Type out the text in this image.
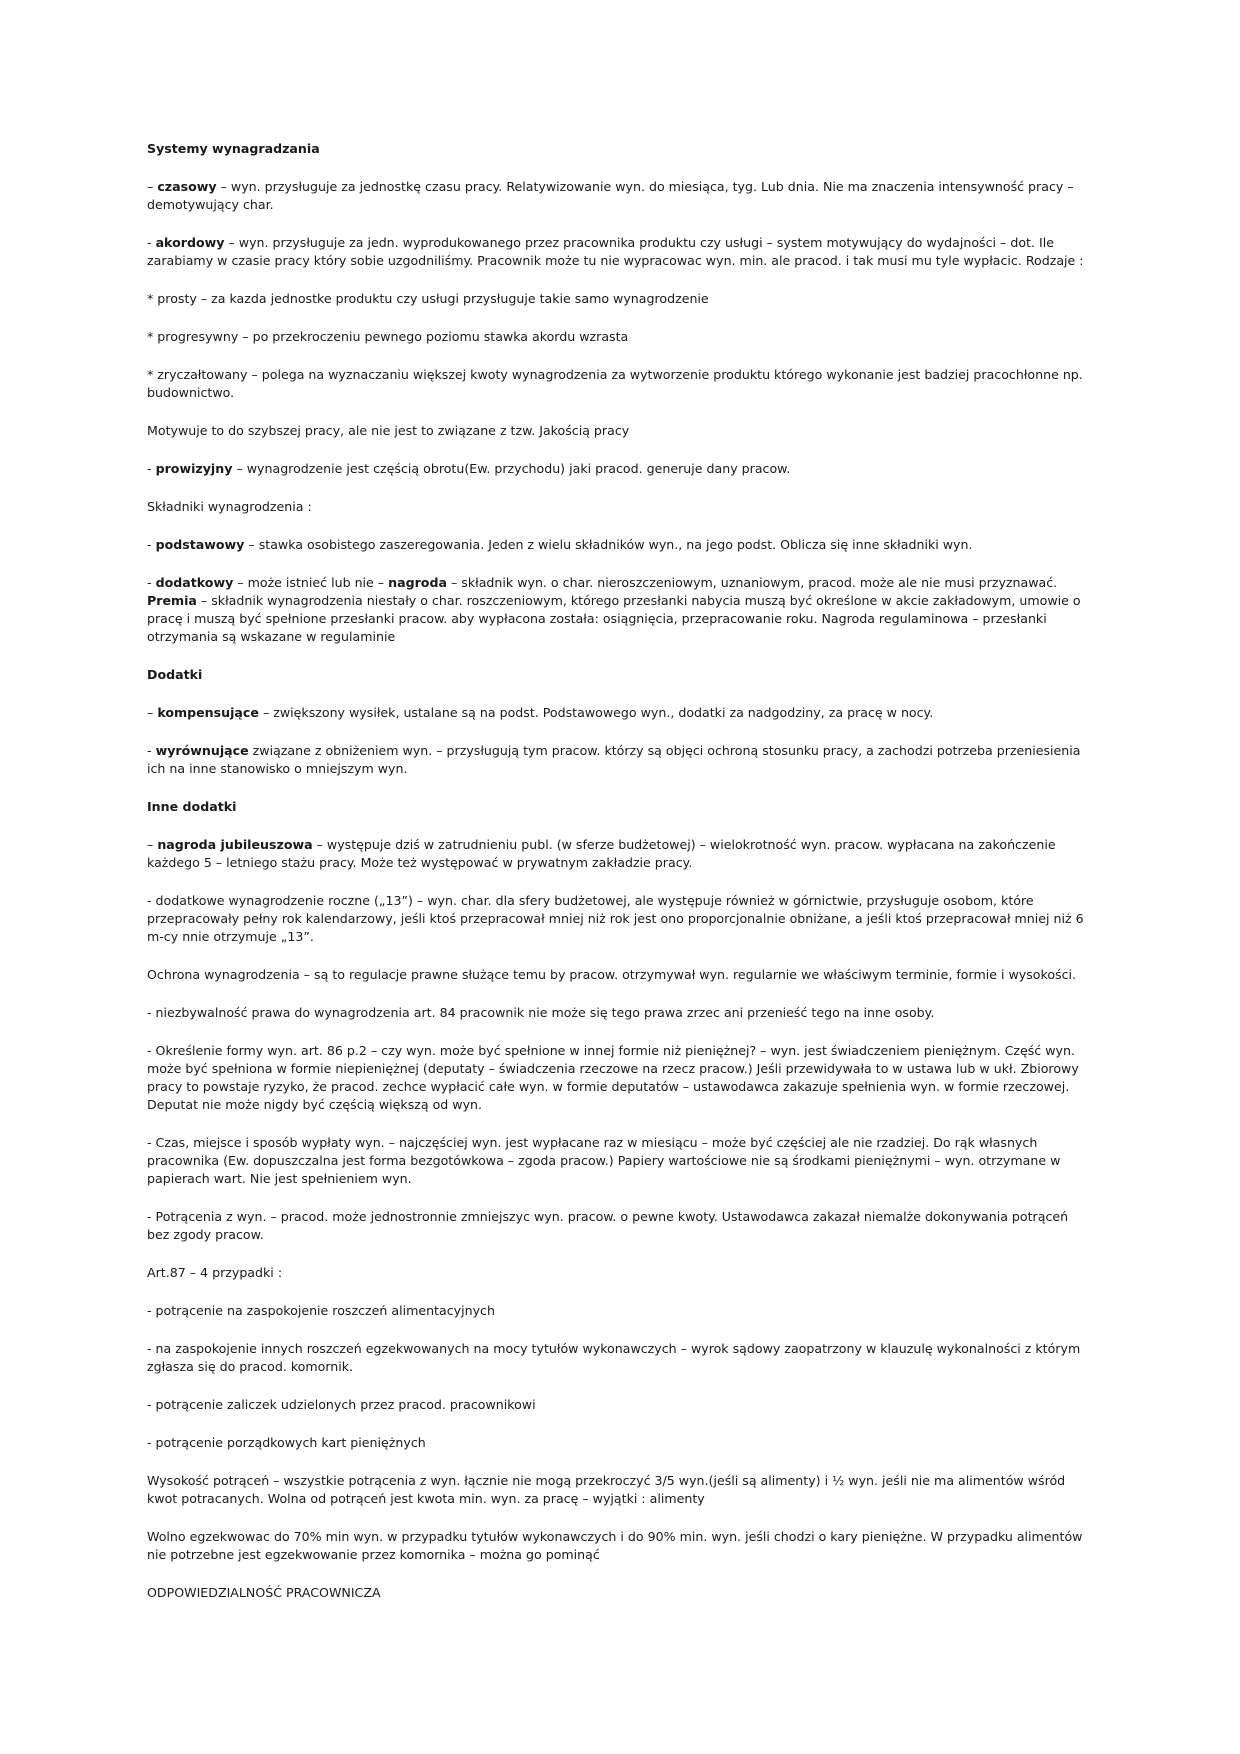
Systemy wynagradzania

– czasowy – wyn. przysługuje za jednostkę czasu pracy. Relatywizowanie wyn. do miesiąca, tyg. Lub dnia. Nie ma znaczenia intensywność pracy – demotywujący char.

- akordowy – wyn. przysługuje za jedn. wyprodukowanego przez pracownika produktu czy usługi – system motywujący do wydajności – dot. Ile zarabiamy w czasie pracy który sobie uzgodniliśmy. Pracownik może tu nie wypracowac wyn. min. ale pracod. i tak musi mu tyle wypłacic. Rodzaje :

* prosty – za kazda jednostke produktu czy usługi przysługuje takie samo wynagrodzenie

* progresywny – po przekroczeniu pewnego poziomu stawka akordu wzrasta

* zryczałtowany – polega na wyznaczaniu większej kwoty wynagrodzenia za wytworzenie produktu którego wykonanie jest badziej pracochłonne np. budownictwo.

Motywuje to do szybszej pracy, ale nie jest to związane z tzw. Jakością pracy

- prowizyjny – wynagrodzenie jest częścią obrotu(Ew. przychodu) jaki pracod. generuje dany pracow.

Składniki wynagrodzenia :

- podstawowy – stawka osobistego zaszeregowania. Jeden z wielu składników wyn., na jego podst. Oblicza się inne składniki wyn.

- dodatkowy – może istnieć lub nie – nagroda – składnik wyn. o char. nieroszczeniowym, uznaniowym, pracod. może ale nie musi przyznawać. Premia – składnik wynagrodzenia niestały o char. roszczeniowym, którego przesłanki nabycia muszą być określone w akcie zakładowym, umowie o pracę i muszą być spełnione przesłanki pracow. aby wypłacona została: osiągnięcia, przepracowanie roku. Nagroda regulaminowa – przesłanki otrzymania są wskazane w regulaminie

Dodatki

– kompensujące – zwiększony wysiłek, ustalane są na podst. Podstawowego wyn., dodatki za nadgodziny, za pracę w nocy.

- wyrównujące związane z obniżeniem wyn. – przysługują tym pracow. którzy są objęci ochroną stosunku pracy, a zachodzi potrzeba przeniesienia ich na inne stanowisko o mniejszym wyn.

Inne dodatki

– nagroda jubileuszowa – występuje dziś w zatrudnieniu publ. (w sferze budżetowej) – wielokrotność wyn. pracow. wypłacana na zakończenie każdego 5 – letniego stażu pracy. Może też występować w prywatnym zakładzie pracy.

- dodatkowe wynagrodzenie roczne („13”) – wyn. char. dla sfery budżetowej, ale występuje również w górnictwie, przysługuje osobom, które przepracowały pełny rok kalendarzowy, jeśli ktoś przepracował mniej niż rok jest ono proporcjonalnie obniżane, a jeśli ktoś przepracował mniej niż 6 m-cy nnie otrzymuje „13”.

Ochrona wynagrodzenia – są to regulacje prawne służące temu by pracow. otrzymywał wyn. regularnie we właściwym terminie, formie i wysokości.

- niezbywalność prawa do wynagrodzenia art. 84 pracownik nie może się tego prawa zrzec ani przenieść tego na inne osoby.

- Określenie formy wyn. art. 86 p.2 – czy wyn. może być spełnione w innej formie niż pieniężnej? – wyn. jest świadczeniem pieniężnym. Część wyn. może być spełniona w formie niepieniężnej (deputaty – świadczenia rzeczowe na rzecz pracow.) Jeśli przewidywała to w ustawa lub w ukł. Zbiorowy pracy to powstaje ryzyko, że pracod. zechce wypłacić całe wyn. w formie deputatów – ustawodawca zakazuje spełnienia wyn. w formie rzeczowej. Deputat nie może nigdy być częścią większą od wyn.

- Czas, miejsce i sposób wypłaty wyn. – najczęściej wyn. jest wypłacane raz w miesiącu – może być częściej ale nie rzadziej. Do rąk własnych pracownika (Ew. dopuszczalna jest forma bezgotówkowa – zgoda pracow.) Papiery wartościowe nie są środkami pieniężnymi – wyn. otrzymane w papierach wart. Nie jest spełnieniem wyn.

- Potrącenia z wyn. – pracod. może jednostronnie zmniejszyc wyn. pracow. o pewne kwoty. Ustawodawca zakazał niemalże dokonywania potrąceń bez zgody pracow.

Art.87 – 4 przypadki :

- potrącenie na zaspokojenie roszczeń alimentacyjnych

- na zaspokojenie innych roszczeń egzekwowanych na mocy tytułów wykonawczych – wyrok sądowy zaopatrzony w klauzulę wykonalności z którym zgłasza się do pracod. komornik.

- potrącenie zaliczek udzielonych przez pracod. pracownikowi

- potrącenie porządkowych kart pieniężnych

Wysokość potrąceń – wszystkie potrącenia z wyn. łącznie nie mogą przekroczyć 3/5 wyn.(jeśli są alimenty) i ½ wyn. jeśli nie ma alimentów wśród kwot potracanych. Wolna od potrąceń jest kwota min. wyn. za pracę – wyjątki : alimenty

Wolno egzekwowac do 70% min wyn. w przypadku tytułów wykonawczych i do 90% min. wyn. jeśli chodzi o kary pieniężne. W przypadku alimentów nie potrzebne jest egzekwowanie przez komornika – można go pominąć

ODPOWIEDZIALNOŚĆ PRACOWNICZA
